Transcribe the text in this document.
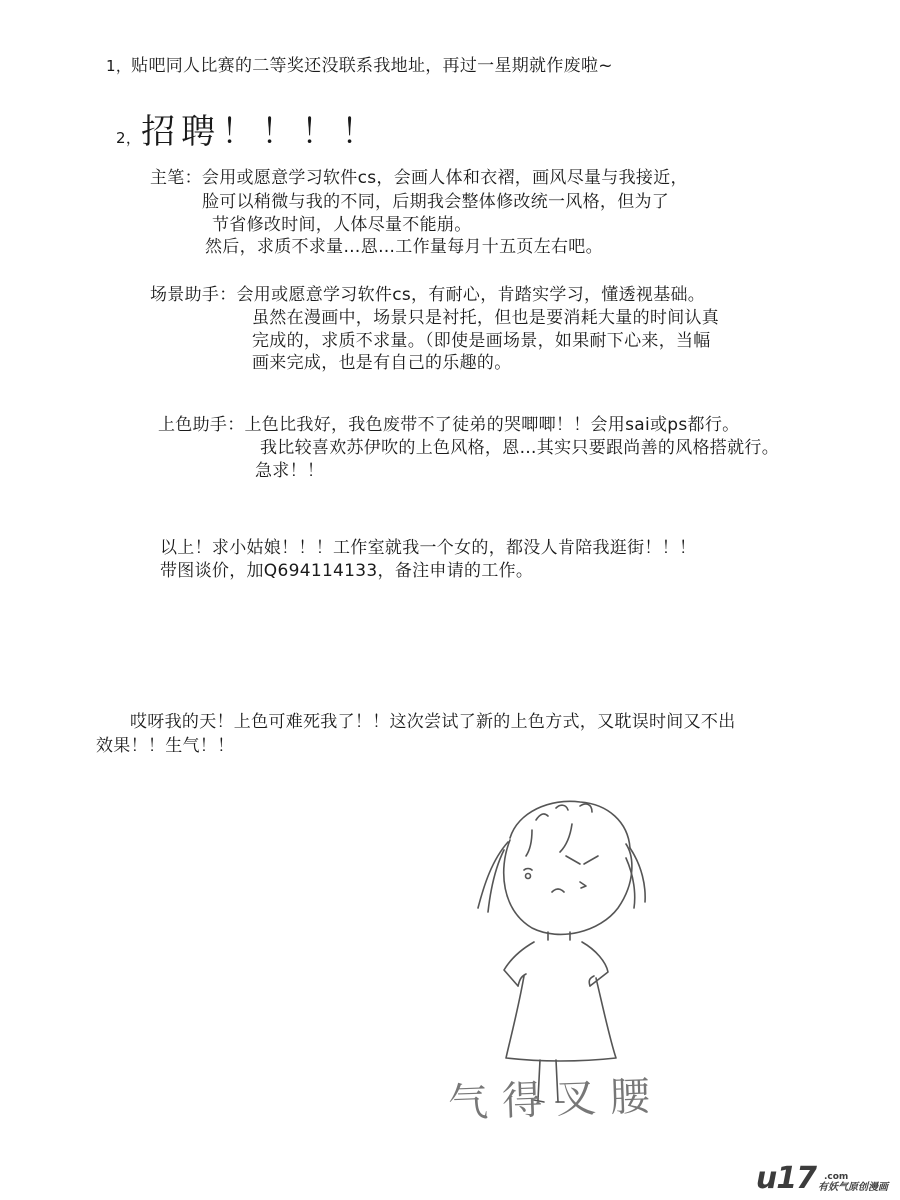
1，贴吧同人比赛的二等奖还没联系我地址，再过一星期就作废啦~
2，招聘！！！！
主笔：会用或愿意学习软件cs，会画人体和衣褶，画风尽量与我接近，
脸可以稍微与我的不同，后期我会整体修改统一风格，但为了
节省修改时间，人体尽量不能崩。
然后，求质不求量…恩…工作量每月十五页左右吧。
场景助手：会用或愿意学习软件cs，有耐心，肯踏实学习，懂透视基础。
虽然在漫画中，场景只是衬托，但也是要消耗大量的时间认真
完成的，求质不求量。（即使是画场景，如果耐下心来，当幅
画来完成，也是有自己的乐趣的。
上色助手：上色比我好，我色废带不了徒弟的哭唧唧！！会用sai或ps都行。
我比较喜欢苏伊吹的上色风格，恩…其实只要跟尚善的风格搭就行。
急求！！
以上！求小姑娘！！！工作室就我一个女的，都没人肯陪我逛街！！！
带图谈价，加Q694114133，备注申请的工作。
哎呀我的天！上色可难死我了！！这次尝试了新的上色方式，又耽误时间又不出
效果！！生气！！
气得叉腰
u17 .com
有妖气原创漫画
